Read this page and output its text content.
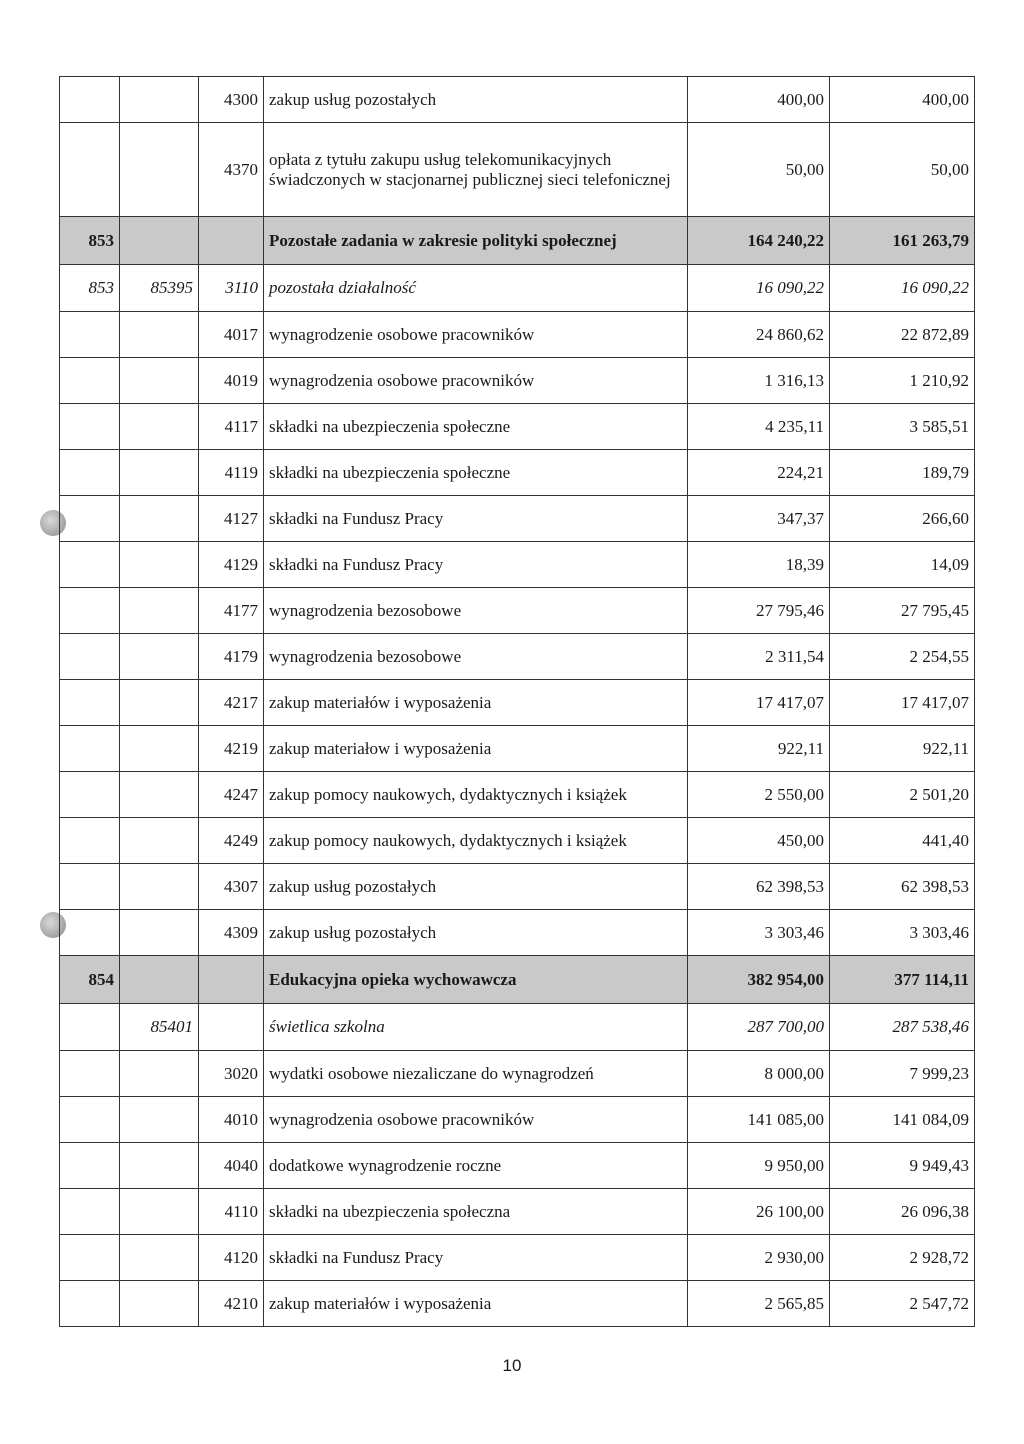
		4300	zakup usług pozostałych	400,00	400,00
		4370	opłata z tytułu zakupu usług telekomunikacyjnych świadczonych w stacjonarnej publicznej sieci telefonicznej	50,00	50,00
853			Pozostałe zadania w zakresie polityki społecznej	164 240,22	161 263,79
853	85395	3110	pozostała działalność	16 090,22	16 090,22
		4017	wynagrodzenie osobowe pracowników	24 860,62	22 872,89
		4019	wynagrodzenia osobowe pracowników	1 316,13	1 210,92
		4117	składki na ubezpieczenia społeczne	4 235,11	3 585,51
		4119	składki na ubezpieczenia społeczne	224,21	189,79
		4127	składki na Fundusz Pracy	347,37	266,60
		4129	składki na Fundusz Pracy	18,39	14,09
		4177	wynagrodzenia bezosobowe	27 795,46	27 795,45
		4179	wynagrodzenia bezosobowe	2 311,54	2 254,55
		4217	zakup materiałów i wyposażenia	17 417,07	17 417,07
		4219	zakup materiałow i wyposażenia	922,11	922,11
		4247	zakup pomocy naukowych, dydaktycznych i książek	2 550,00	2 501,20
		4249	zakup pomocy naukowych, dydaktycznych i książek	450,00	441,40
		4307	zakup usług pozostałych	62 398,53	62 398,53
		4309	zakup usług pozostałych	3 303,46	3 303,46
854			Edukacyjna opieka wychowawcza	382 954,00	377 114,11
	85401		świetlica szkolna	287 700,00	287 538,46
		3020	wydatki osobowe niezaliczane do wynagrodzeń	8 000,00	7 999,23
		4010	wynagrodzenia osobowe pracowników	141 085,00	141 084,09
		4040	dodatkowe wynagrodzenie roczne	9 950,00	9 949,43
		4110	składki na ubezpieczenia społeczna	26 100,00	26 096,38
		4120	składki na Fundusz Pracy	2 930,00	2 928,72
		4210	zakup materiałów i wyposażenia	2 565,85	2 547,72
10
